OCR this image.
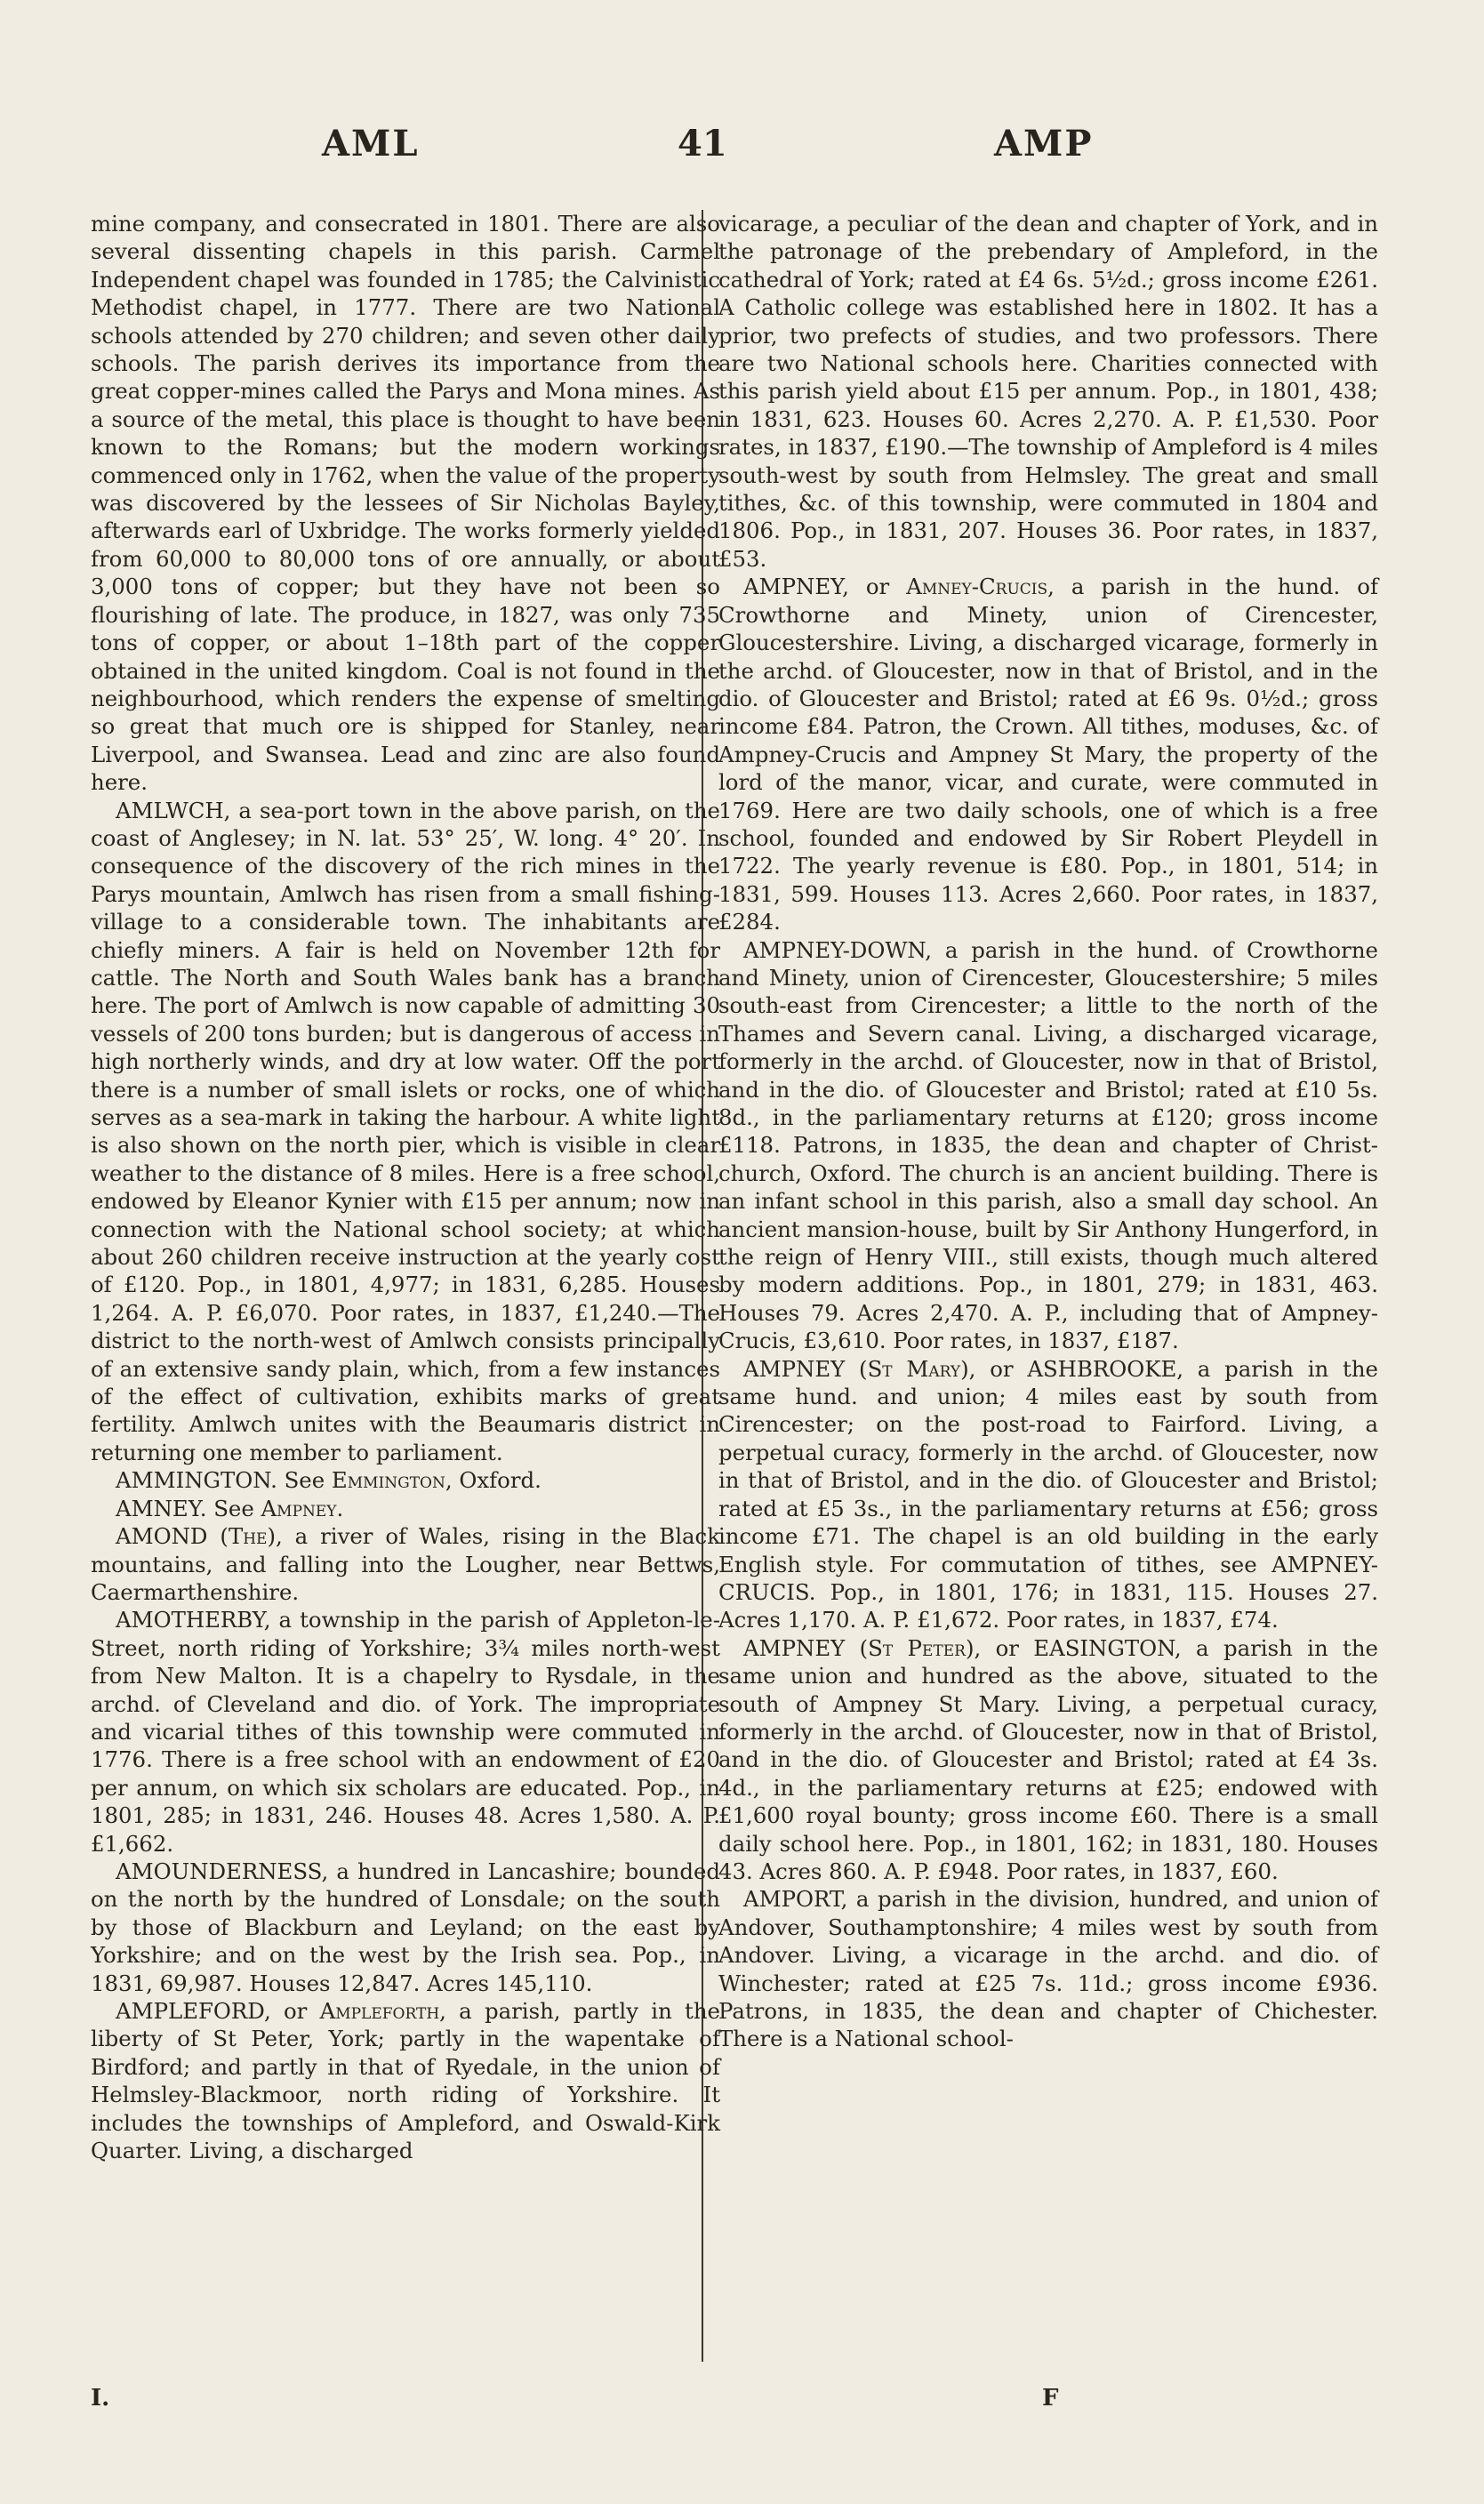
AML	41	AMP

mine company, and consecrated in 1801. There are also several dissenting chapels in this parish. Carmel Independent chapel was founded in 1785; the Calvinistic Methodist chapel, in 1777. There are two National schools attended by 270 children; and seven other daily schools. The parish derives its importance from the great copper-mines called the Parys and Mona mines. As a source of the metal, this place is thought to have been known to the Romans; but the modern workings commenced only in 1762, when the value of the property was discovered by the lessees of Sir Nicholas Bayley, afterwards earl of Uxbridge. The works formerly yielded from 60,000 to 80,000 tons of ore annually, or about 3,000 tons of copper; but they have not been so flourishing of late. The produce, in 1827, was only 735 tons of copper, or about 1–18th part of the copper obtained in the united kingdom. Coal is not found in the neighbourhood, which renders the expense of smelting so great that much ore is shipped for Stanley, near Liverpool, and Swansea. Lead and zinc are also found here.

AMLWCH, a sea-port town in the above parish, on the coast of Anglesey; in N. lat. 53° 25′, W. long. 4° 20′. In consequence of the discovery of the rich mines in the Parys mountain, Amlwch has risen from a small fishing-village to a considerable town. The inhabitants are chiefly miners. A fair is held on November 12th for cattle. The North and South Wales bank has a branch here. The port of Amlwch is now capable of admitting 30 vessels of 200 tons burden; but is dangerous of access in high northerly winds, and dry at low water. Off the port there is a number of small islets or rocks, one of which serves as a sea-mark in taking the harbour. A white light is also shown on the north pier, which is visible in clear weather to the distance of 8 miles. Here is a free school, endowed by Eleanor Kynier with £15 per annum; now in connection with the National school society; at which about 260 children receive instruction at the yearly cost of £120. Pop., in 1801, 4,977; in 1831, 6,285. Houses 1,264. A. P. £6,070. Poor rates, in 1837, £1,240.—The district to the north-west of Amlwch consists principally of an extensive sandy plain, which, from a few instances of the effect of cultivation, exhibits marks of great fertility. Amlwch unites with the Beaumaris district in returning one member to parliament.

AMMINGTON. See Emmington, Oxford.

AMNEY. See Ampney.

AMOND (The), a river of Wales, rising in the Black mountains, and falling into the Lougher, near Bettws, Caermarthenshire.

AMOTHERBY, a township in the parish of Appleton-le-Street, north riding of Yorkshire; 3¾ miles north-west from New Malton. It is a chapelry to Rysdale, in the archd. of Cleveland and dio. of York. The impropriate and vicarial tithes of this township were commuted in 1776. There is a free school with an endowment of £20 per annum, on which six scholars are educated. Pop., in 1801, 285; in 1831, 246. Houses 48. Acres 1,580. A. P. £1,662.

AMOUNDERNESS, a hundred in Lancashire; bounded on the north by the hundred of Lonsdale; on the south by those of Blackburn and Leyland; on the east by Yorkshire; and on the west by the Irish sea. Pop., in 1831, 69,987. Houses 12,847. Acres 145,110.

AMPLEFORD, or Ampleforth, a parish, partly in the liberty of St Peter, York; partly in the wapentake of Birdford; and partly in that of Ryedale, in the union of Helmsley-Blackmoor, north riding of Yorkshire. It includes the townships of Ampleford, and Oswald-Kirk Quarter. Living, a discharged

vicarage, a peculiar of the dean and chapter of York, and in the patronage of the prebendary of Ampleford, in the cathedral of York; rated at £4 6s. 5½d.; gross income £261. A Catholic college was established here in 1802. It has a prior, two prefects of studies, and two professors. There are two National schools here. Charities connected with this parish yield about £15 per annum. Pop., in 1801, 438; in 1831, 623. Houses 60. Acres 2,270. A. P. £1,530. Poor rates, in 1837, £190.—The township of Ampleford is 4 miles south-west by south from Helmsley. The great and small tithes, &c. of this township, were commuted in 1804 and 1806. Pop., in 1831, 207. Houses 36. Poor rates, in 1837, £53.

AMPNEY, or Amney-Crucis, a parish in the hund. of Crowthorne and Minety, union of Cirencester, Gloucestershire. Living, a discharged vicarage, formerly in the archd. of Gloucester, now in that of Bristol, and in the dio. of Gloucester and Bristol; rated at £6 9s. 0½d.; gross income £84. Patron, the Crown. All tithes, moduses, &c. of Ampney-Crucis and Ampney St Mary, the property of the lord of the manor, vicar, and curate, were commuted in 1769. Here are two daily schools, one of which is a free school, founded and endowed by Sir Robert Pleydell in 1722. The yearly revenue is £80. Pop., in 1801, 514; in 1831, 599. Houses 113. Acres 2,660. Poor rates, in 1837, £284.

AMPNEY-DOWN, a parish in the hund. of Crowthorne and Minety, union of Cirencester, Gloucestershire; 5 miles south-east from Cirencester; a little to the north of the Thames and Severn canal. Living, a discharged vicarage, formerly in the archd. of Gloucester, now in that of Bristol, and in the dio. of Gloucester and Bristol; rated at £10 5s. 8d., in the parliamentary returns at £120; gross income £118. Patrons, in 1835, the dean and chapter of Christ-church, Oxford. The church is an ancient building. There is an infant school in this parish, also a small day school. An ancient mansion-house, built by Sir Anthony Hungerford, in the reign of Henry VIII., still exists, though much altered by modern additions. Pop., in 1801, 279; in 1831, 463. Houses 79. Acres 2,470. A. P., including that of Ampney-Crucis, £3,610. Poor rates, in 1837, £187.

AMPNEY (St Mary), or ASHBROOKE, a parish in the same hund. and union; 4 miles east by south from Cirencester; on the post-road to Fairford. Living, a perpetual curacy, formerly in the archd. of Gloucester, now in that of Bristol, and in the dio. of Gloucester and Bristol; rated at £5 3s., in the parliamentary returns at £56; gross income £71. The chapel is an old building in the early English style. For commutation of tithes, see AMPNEY-CRUCIS. Pop., in 1801, 176; in 1831, 115. Houses 27. Acres 1,170. A. P. £1,672. Poor rates, in 1837, £74.

AMPNEY (St Peter), or EASINGTON, a parish in the same union and hundred as the above, situated to the south of Ampney St Mary. Living, a perpetual curacy, formerly in the archd. of Gloucester, now in that of Bristol, and in the dio. of Gloucester and Bristol; rated at £4 3s. 4d., in the parliamentary returns at £25; endowed with £1,600 royal bounty; gross income £60. There is a small daily school here. Pop., in 1801, 162; in 1831, 180. Houses 43. Acres 860. A. P. £948. Poor rates, in 1837, £60.

AMPORT, a parish in the division, hundred, and union of Andover, Southamptonshire; 4 miles west by south from Andover. Living, a vicarage in the archd. and dio. of Winchester; rated at £25 7s. 11d.; gross income £936. Patrons, in 1835, the dean and chapter of Chichester. There is a National school-

I.	F
